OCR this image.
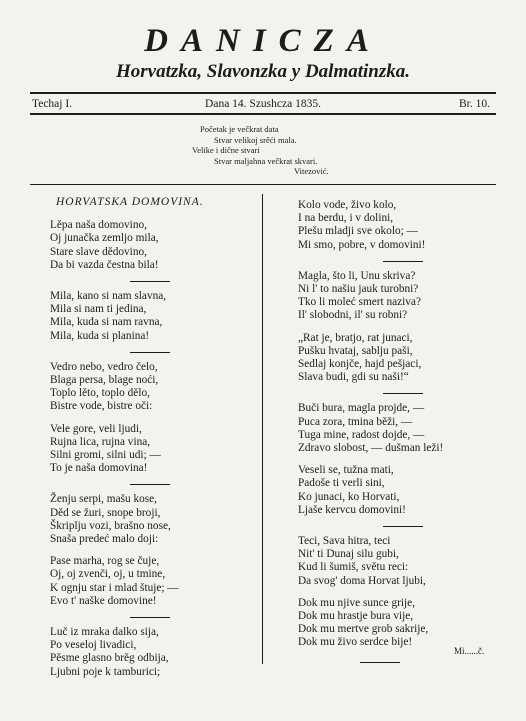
DANICZA
Horvatzka, Slavonzka y Dalmatinzka.
Techaj I.	Dana 14. Szushcza 1835.	Br. 10.
Početak je večkrat data
Stvar velikoj srěći mala.
Velike i dične stvari
Stvar maljahna večkrat skvari.
Vitezović.
HORVATSKA DOMOVINA.
Lěpa naša domovino,
Oj junačka zemljo mila,
Stare slave dědovino,
Da bi vazda čestna bila!
Mila, kano si nam slavna,
Mila si nam ti jedina,
Mila, kuda si nam ravna,
Mila, kuda si planina!
Vedro nebo, vedro čelo,
Blaga persa, blage noći,
Toplo lěto, toplo dělo,
Bistre vode, bistre oči:
Vele gore, veli ljudi,
Rujna lica, rujna vina,
Silni gromi, silni udi; —
To je naša domovina!
Ženju serpi, mašu kose,
Děd se žuri, snope broji,
Škriplju vozi, brašno nose,
Snaša predeć malo doji:
Pase marha, rog se čuje,
Oj, oj zvenči, oj, u tmine,
K ognju star i mlad štuje; —
Evo t' naške domovine!
Luč iz mraka dalko sija,
Po veseloj livadici,
Pěsme glasno brěg odbija,
Ljubni poje k tamburici;
Kolo vode, živo kolo,
I na berdu, i v dolini,
Plešu mladji sve okolo; —
Mi smo, pobre, v domovini!
Magla, što li, Unu skriva?
Ni l' to našiu jauk turobni?
Tko li moleć smert naziva?
Il' slobodni, il' su robni?
„Rat je, bratjo, rat junaci,
Pušku hvataj, sablju paši,
Sedlaj konjče, hajd pešjaci,
Slava budi, gdi su naši!“
Buči bura, magla projde, —
Puca zora, tmina běži, —
Tuga mine, radost dojde, —
Zdravo slobost, — dušman leži!
Veseli se, tužna mati,
Padoše ti verli sini,
Ko junaci, ko Horvati,
Ljaše kervcu domovini!
Teci, Sava hitra, teci
Nit' ti Dunaj silu gubi,
Kud li šumiš, světu reci:
Da svog' doma Horvat ljubi,
Dok mu njive sunce grije,
Dok mu hrastje bura vije,
Dok mu mertve grob sakrije,
Dok mu živo serdce bije!
Mi......č.
